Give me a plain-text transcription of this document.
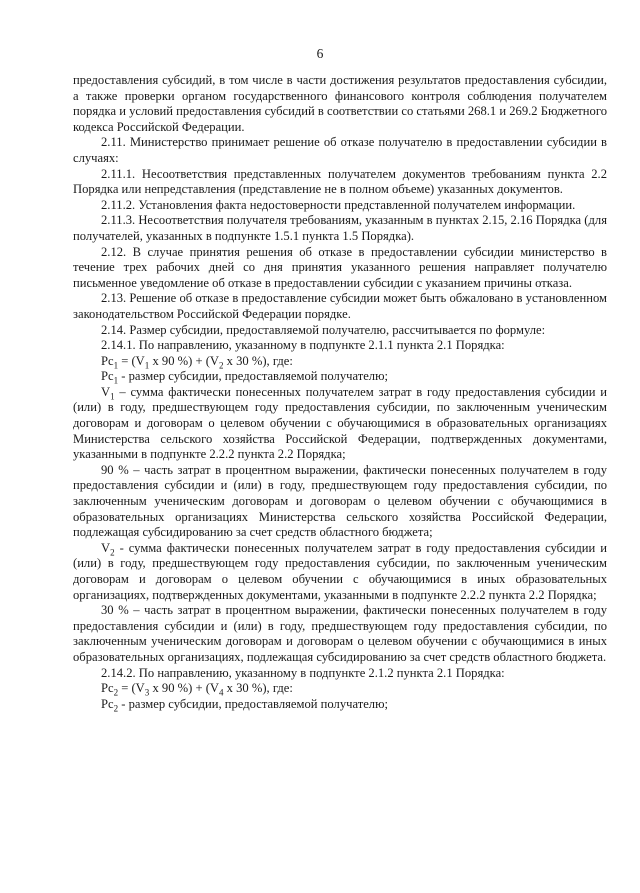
6

предоставления субсидий, в том числе в части достижения результатов предоставления субсидии, а также проверки органом государственного финансового контроля соблюдения получателем порядка и условий предоставления субсидий в соответствии со статьями 268.1 и 269.2 Бюджетного кодекса Российской Федерации.

2.11. Министерство принимает решение об отказе получателю в предоставлении субсидии в случаях:

2.11.1. Несоответствия представленных получателем документов требованиям пункта 2.2 Порядка или непредставления (представление не в полном объеме) указанных документов.

2.11.2. Установления факта недостоверности представленной получателем информации.

2.11.3. Несоответствия получателя требованиям, указанным в пунктах 2.15, 2.16 Порядка (для получателей, указанных в подпункте 1.5.1 пункта 1.5 Порядка).

2.12. В случае принятия решения об отказе в предоставлении субсидии министерство в течение трех рабочих дней со дня принятия указанного решения направляет получателю письменное уведомление об отказе в предоставлении субсидии с указанием причины отказа.

2.13. Решение об отказе в предоставление субсидии может быть обжаловано в установленном законодательством Российской Федерации порядке.

2.14. Размер субсидии, предоставляемой получателю, рассчитывается по формуле:

2.14.1. По направлению, указанному в подпункте 2.1.1 пункта 2.1 Порядка:

$Рс_1 = (V_1$ x 90 %) + ($V_2$ x 30 %), где:

$Рс_1$ - размер субсидии, предоставляемой получателю;

$V_1$ – сумма фактически понесенных получателем затрат в году предоставления субсидии и (или) в году, предшествующем году предоставления субсидии, по заключенным ученическим договорам и договорам о целевом обучении с обучающимися в образовательных организациях Министерства сельского хозяйства Российской Федерации, подтвержденных документами, указанными в подпункте 2.2.2 пункта 2.2 Порядка;

90 % – часть затрат в процентном выражении, фактически понесенных получателем в году предоставления субсидии и (или) в году, предшествующем году предоставления субсидии, по заключенным ученическим договорам и договорам о целевом обучении с обучающимися в образовательных организациях Министерства сельского хозяйства Российской Федерации, подлежащая субсидированию за счет средств областного бюджета;

$V_2$ - сумма фактически понесенных получателем затрат в году предоставления субсидии и (или) в году, предшествующем году предоставления субсидии, по заключенным ученическим договорам и договорам о целевом обучении с обучающимися в иных образовательных организациях, подтвержденных документами, указанными в подпункте 2.2.2 пункта 2.2 Порядка;

30 % – часть затрат в процентном выражении, фактически понесенных получателем в году предоставления субсидии и (или) в году, предшествующем году предоставления субсидии, по заключенным ученическим договорам и договорам о целевом обучении с обучающимися в иных образовательных организациях, подлежащая субсидированию за счет средств областного бюджета.

2.14.2. По направлению, указанному в подпункте 2.1.2 пункта 2.1 Порядка:

$Рс_2 = (V_3$ x 90 %) + ($V_4$ x 30 %), где:

$Рс_2$ - размер субсидии, предоставляемой получателю;
